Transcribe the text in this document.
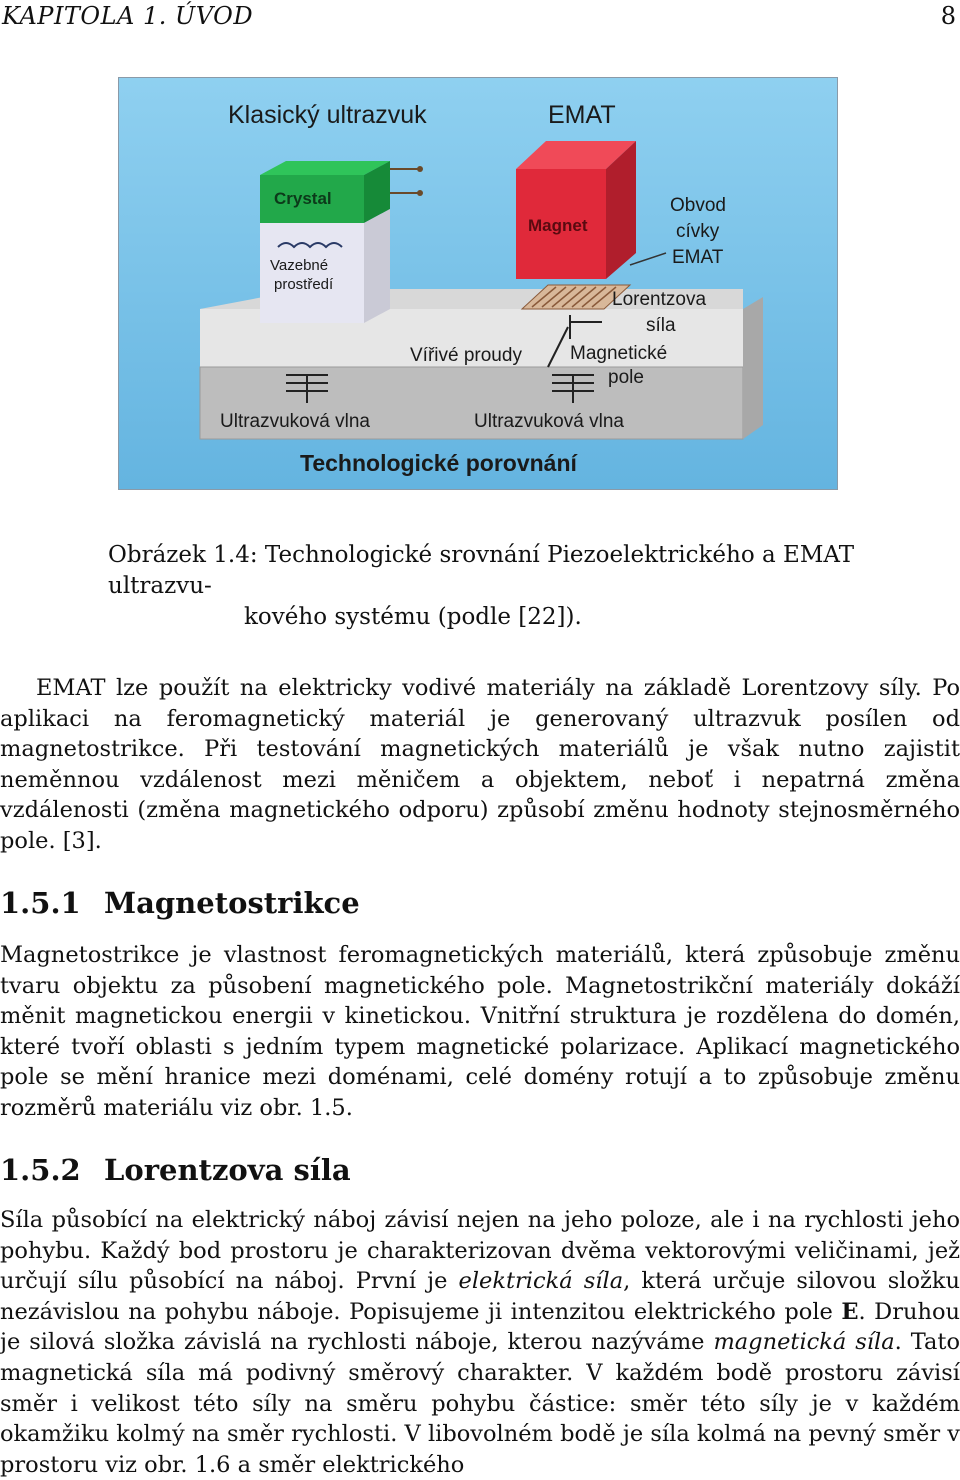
KAPITOLA 1. ÚVOD	8
Klasický ultrazvuk	EMAT
Crystal
Vazebné
prostředí
Magnet
Obvod
cívky
EMAT
Lorentzova
síla
Vířivé proudy	Magnetické
pole
Ultrazvuková vlna	Ultrazvuková vlna
Technologické porovnání
Obrázek 1.4: Technologické srovnání Piezoelektrického a EMAT ultrazvu-
kového systému (podle [22]).
EMAT lze použít na elektricky vodivé materiály na základě Lorentzovy síly. Po aplikaci na feromagnetický materiál je generovaný ultrazvuk posílen od magnetostrikce. Při testování magnetických materiálů je však nutno zajistit neměnnou vzdálenost mezi měničem a objektem, neboť i nepatrná změna vzdálenosti (změna magnetického odporu) způsobí změnu hodnoty stejnosměrného pole. [3].
1.5.1 Magnetostrikce
Magnetostrikce je vlastnost feromagnetických materiálů, která způsobuje změnu tvaru objektu za působení magnetického pole. Magnetostrikční materiály dokáží měnit magnetickou energii v kinetickou. Vnitřní struktura je rozdělena do domén, které tvoří oblasti s jedním typem magnetické polarizace. Aplikací magnetického pole se mění hranice mezi doménami, celé domény rotují a to způsobuje změnu rozměrů materiálu viz obr. 1.5.
1.5.2 Lorentzova síla
Síla působící na elektrický náboj závisí nejen na jeho poloze, ale i na rychlosti jeho pohybu. Každý bod prostoru je charakterizovan dvěma vektorovými veličinami, jež určují sílu působící na náboj. První je elektrická síla, která určuje silovou složku nezávislou na pohybu náboje. Popisujeme ji intenzitou elektrického pole E. Druhou je silová složka závislá na rychlosti náboje, kterou nazýváme magnetická síla. Tato magnetická síla má podivný směrový charakter. V každém bodě prostoru závisí směr i velikost této síly na směru pohybu částice: směr této síly je v každém okamžiku kolmý na směr rychlosti. V libovolném bodě je síla kolmá na pevný směr v prostoru viz obr. 1.6 a směr elektrického
